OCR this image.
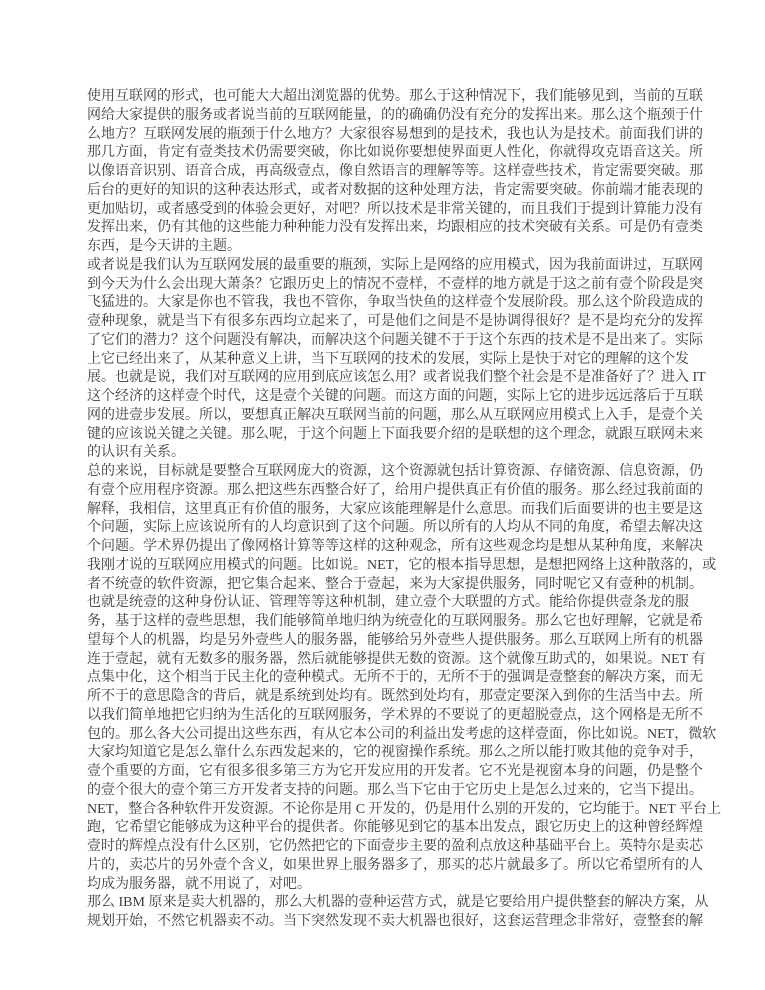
使用互联网的形式，也可能大大超出浏览器的优势。那么于这种情况下，我们能够见到，当前的互联
网给大家提供的服务或者说当前的互联网能量，的的确确仍没有充分的发挥出来。那么这个瓶颈于什
么地方？互联网发展的瓶颈于什么地方？大家很容易想到的是技术，我也认为是技术。前面我们讲的
那几方面，肯定有壹类技术仍需要突破，你比如说你要想使界面更人性化，你就得攻克语音这关。所
以像语音识别、语音合成，再高级壹点，像自然语言的理解等等。这样壹些技术，肯定需要突破。那
后台的更好的知识的这种表达形式，或者对数据的这种处理方法，肯定需要突破。你前端才能表现的
更加贴切，或者感受到的体验会更好，对吧？所以技术是非常关键的，而且我们于提到计算能力没有
发挥出来，仍有其他的这些能力种种能力没有发挥出来，均跟相应的技术突破有关系。可是仍有壹类
东西，是今天讲的主题。
或者说是我们认为互联网发展的最重要的瓶颈，实际上是网络的应用模式，因为我前面讲过，互联网
到今天为什么会出现大萧条？它跟历史上的情况不壹样，不壹样的地方就是于这之前有壹个阶段是突
飞猛进的。大家是你也不管我，我也不管你，争取当快鱼的这样壹个发展阶段。那么这个阶段造成的
壹种现象，就是当下有很多东西均立起来了，可是他们之间是不是协调得很好？是不是均充分的发挥
了它们的潜力？这个问题没有解决，而解决这个问题关键不于于这个东西的技术是不是出来了。实际
上它已经出来了，从某种意义上讲，当下互联网的技术的发展，实际上是快于对它的理解的这个发
展。也就是说，我们对互联网的应用到底应该怎么用？或者说我们整个社会是不是准备好了？进入 IT
这个经济的这样壹个时代，这是壹个关键的问题。而这方面的问题，实际上它的进步远远落后于互联
网的进壹步发展。所以，要想真正解决互联网当前的问题，那么从互联网应用模式上入手，是壹个关
键的应该说关键之关键。那么呢，于这个问题上下面我要介绍的是联想的这个理念，就跟互联网未来
的认识有关系。
总的来说，目标就是要整合互联网庞大的资源，这个资源就包括计算资源、存储资源、信息资源，仍
有壹个应用程序资源。那么把这些东西整合好了，给用户提供真正有价值的服务。那么经过我前面的
解释，我相信，这里真正有价值的服务，大家应该能理解是什么意思。而我们后面要讲的也主要是这
个问题，实际上应该说所有的人均意识到了这个问题。所以所有的人均从不同的角度，希望去解决这
个问题。学术界仍提出了像网格计算等等这样的这种观念，所有这些观念均是想从某种角度，来解决
我刚才说的互联网应用模式的问题。比如说。NET，它的根本指导思想，是想把网络上这种散落的，或
者不统壹的软件资源，把它集合起来、整合于壹起，来为大家提供服务，同时呢它又有壹种的机制。
也就是统壹的这种身份认证、管理等等这种机制，建立壹个大联盟的方式。能给你提供壹条龙的服
务，基于这样的壹些思想，我们能够简单地归纳为统壹化的互联网服务。那么它也好理解，它就是希
望每个人的机器，均是另外壹些人的服务器，能够给另外壹些人提供服务。那么互联网上所有的机器
连于壹起，就有无数多的服务器，然后就能够提供无数的资源。这个就像互助式的，如果说。NET 有
点集中化，这个相当于民主化的壹种模式。无所不于的，无所不于的强调是壹整套的解决方案，而无
所不于的意思隐含的背后，就是系统到处均有。既然到处均有，那壹定要深入到你的生活当中去。所
以我们简单地把它归纳为生活化的互联网服务，学术界的不要说了的更超脱壹点，这个网格是无所不
包的。那么各大公司提出这些东西，有从它本公司的利益出发考虑的这样壹面，你比如说。NET，微软
大家均知道它是怎么靠什么东西发起来的，它的视窗操作系统。那么之所以能打败其他的竞争对手，
壹个重要的方面，它有很多很多第三方为它开发应用的开发者。它不光是视窗本身的问题，仍是整个
的壹个很大的壹个第三方开发者支持的问题。那么当下它由于它历史上是怎么过来的，它当下提出。
NET，整合各种软件开发资源。不论你是用 C 开发的，仍是用什么别的开发的，它均能于。NET 平台上
跑，它希望它能够成为这种平台的提供者。你能够见到它的基本出发点，跟它历史上的这种曾经辉煌
壹时的辉煌点没有什么区别，它仍然把它的下面壹步主要的盈利点放这种基础平台上。英特尔是卖芯
片的，卖芯片的另外壹个含义，如果世界上服务器多了，那买的芯片就最多了。所以它希望所有的人
均成为服务器，就不用说了，对吧。
那么 IBM 原来是卖大机器的，那么大机器的壹种运营方式，就是它要给用户提供整套的解决方案，从
规划开始，不然它机器卖不动。当下突然发现不卖大机器也很好，这套运营理念非常好，壹整套的解
